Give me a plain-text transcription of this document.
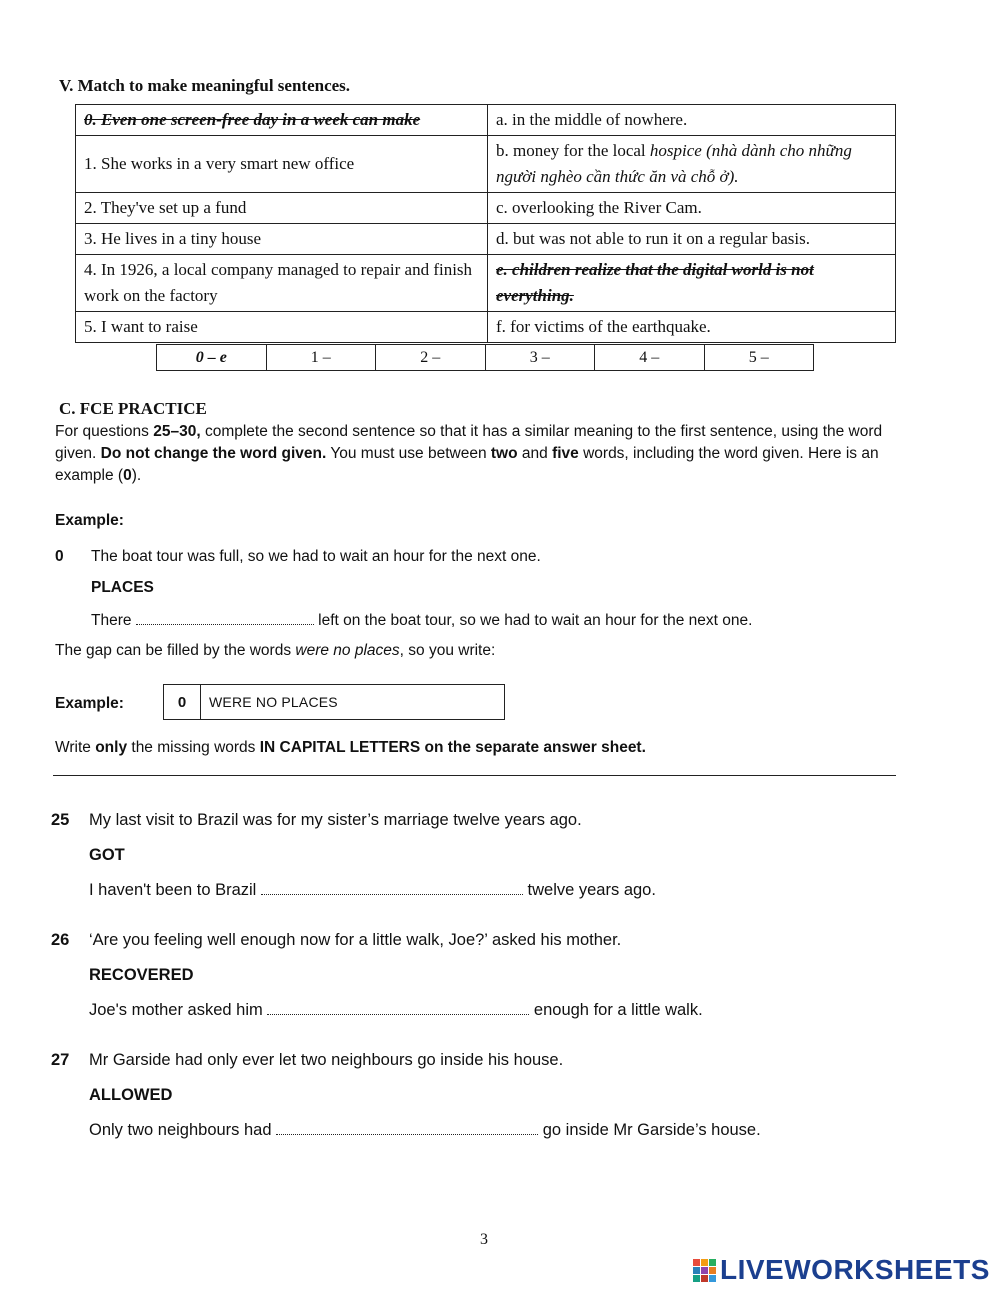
V. Match to make meaningful sentences.
0. Even one screen-free day in a week can make	a. in the middle of nowhere.
1. She works in a very smart new office	b. money for the local hospice (nhà dành cho những người nghèo cần thức ăn và chỗ ở).
2. They've set up a fund	c. overlooking the River Cam.
3. He lives in a tiny house	d. but was not able to run it on a regular basis.
4. In 1926, a local company managed to repair and finish work on the factory	e. children realize that the digital world is not everything.
5. I want to raise	f. for victims of the earthquake.
0 – e	1 –	2 –	3 –	4 –	5 –
C. FCE PRACTICE
For questions 25–30, complete the second sentence so that it has a similar meaning to the first sentence, using the word given. Do not change the word given. You must use between two and five words, including the word given. Here is an example (0).
Example:
0 The boat tour was full, so we had to wait an hour for the next one.
PLACES
There	left on the boat tour, so we had to wait an hour for the next one.
The gap can be filled by the words were no places, so you write:
Example:	0	WERE NO PLACES
Write only the missing words IN CAPITAL LETTERS on the separate answer sheet.
25 My last visit to Brazil was for my sister’s marriage twelve years ago.
GOT
I haven't been to Brazil	twelve years ago.
26 ‘Are you feeling well enough now for a little walk, Joe?’ asked his mother.
RECOVERED
Joe's mother asked him	enough for a little walk.
27 Mr Garside had only ever let two neighbours go inside his house.
ALLOWED
Only two neighbours had	go inside Mr Garside’s house.
3
LIVEWORKSHEETS
